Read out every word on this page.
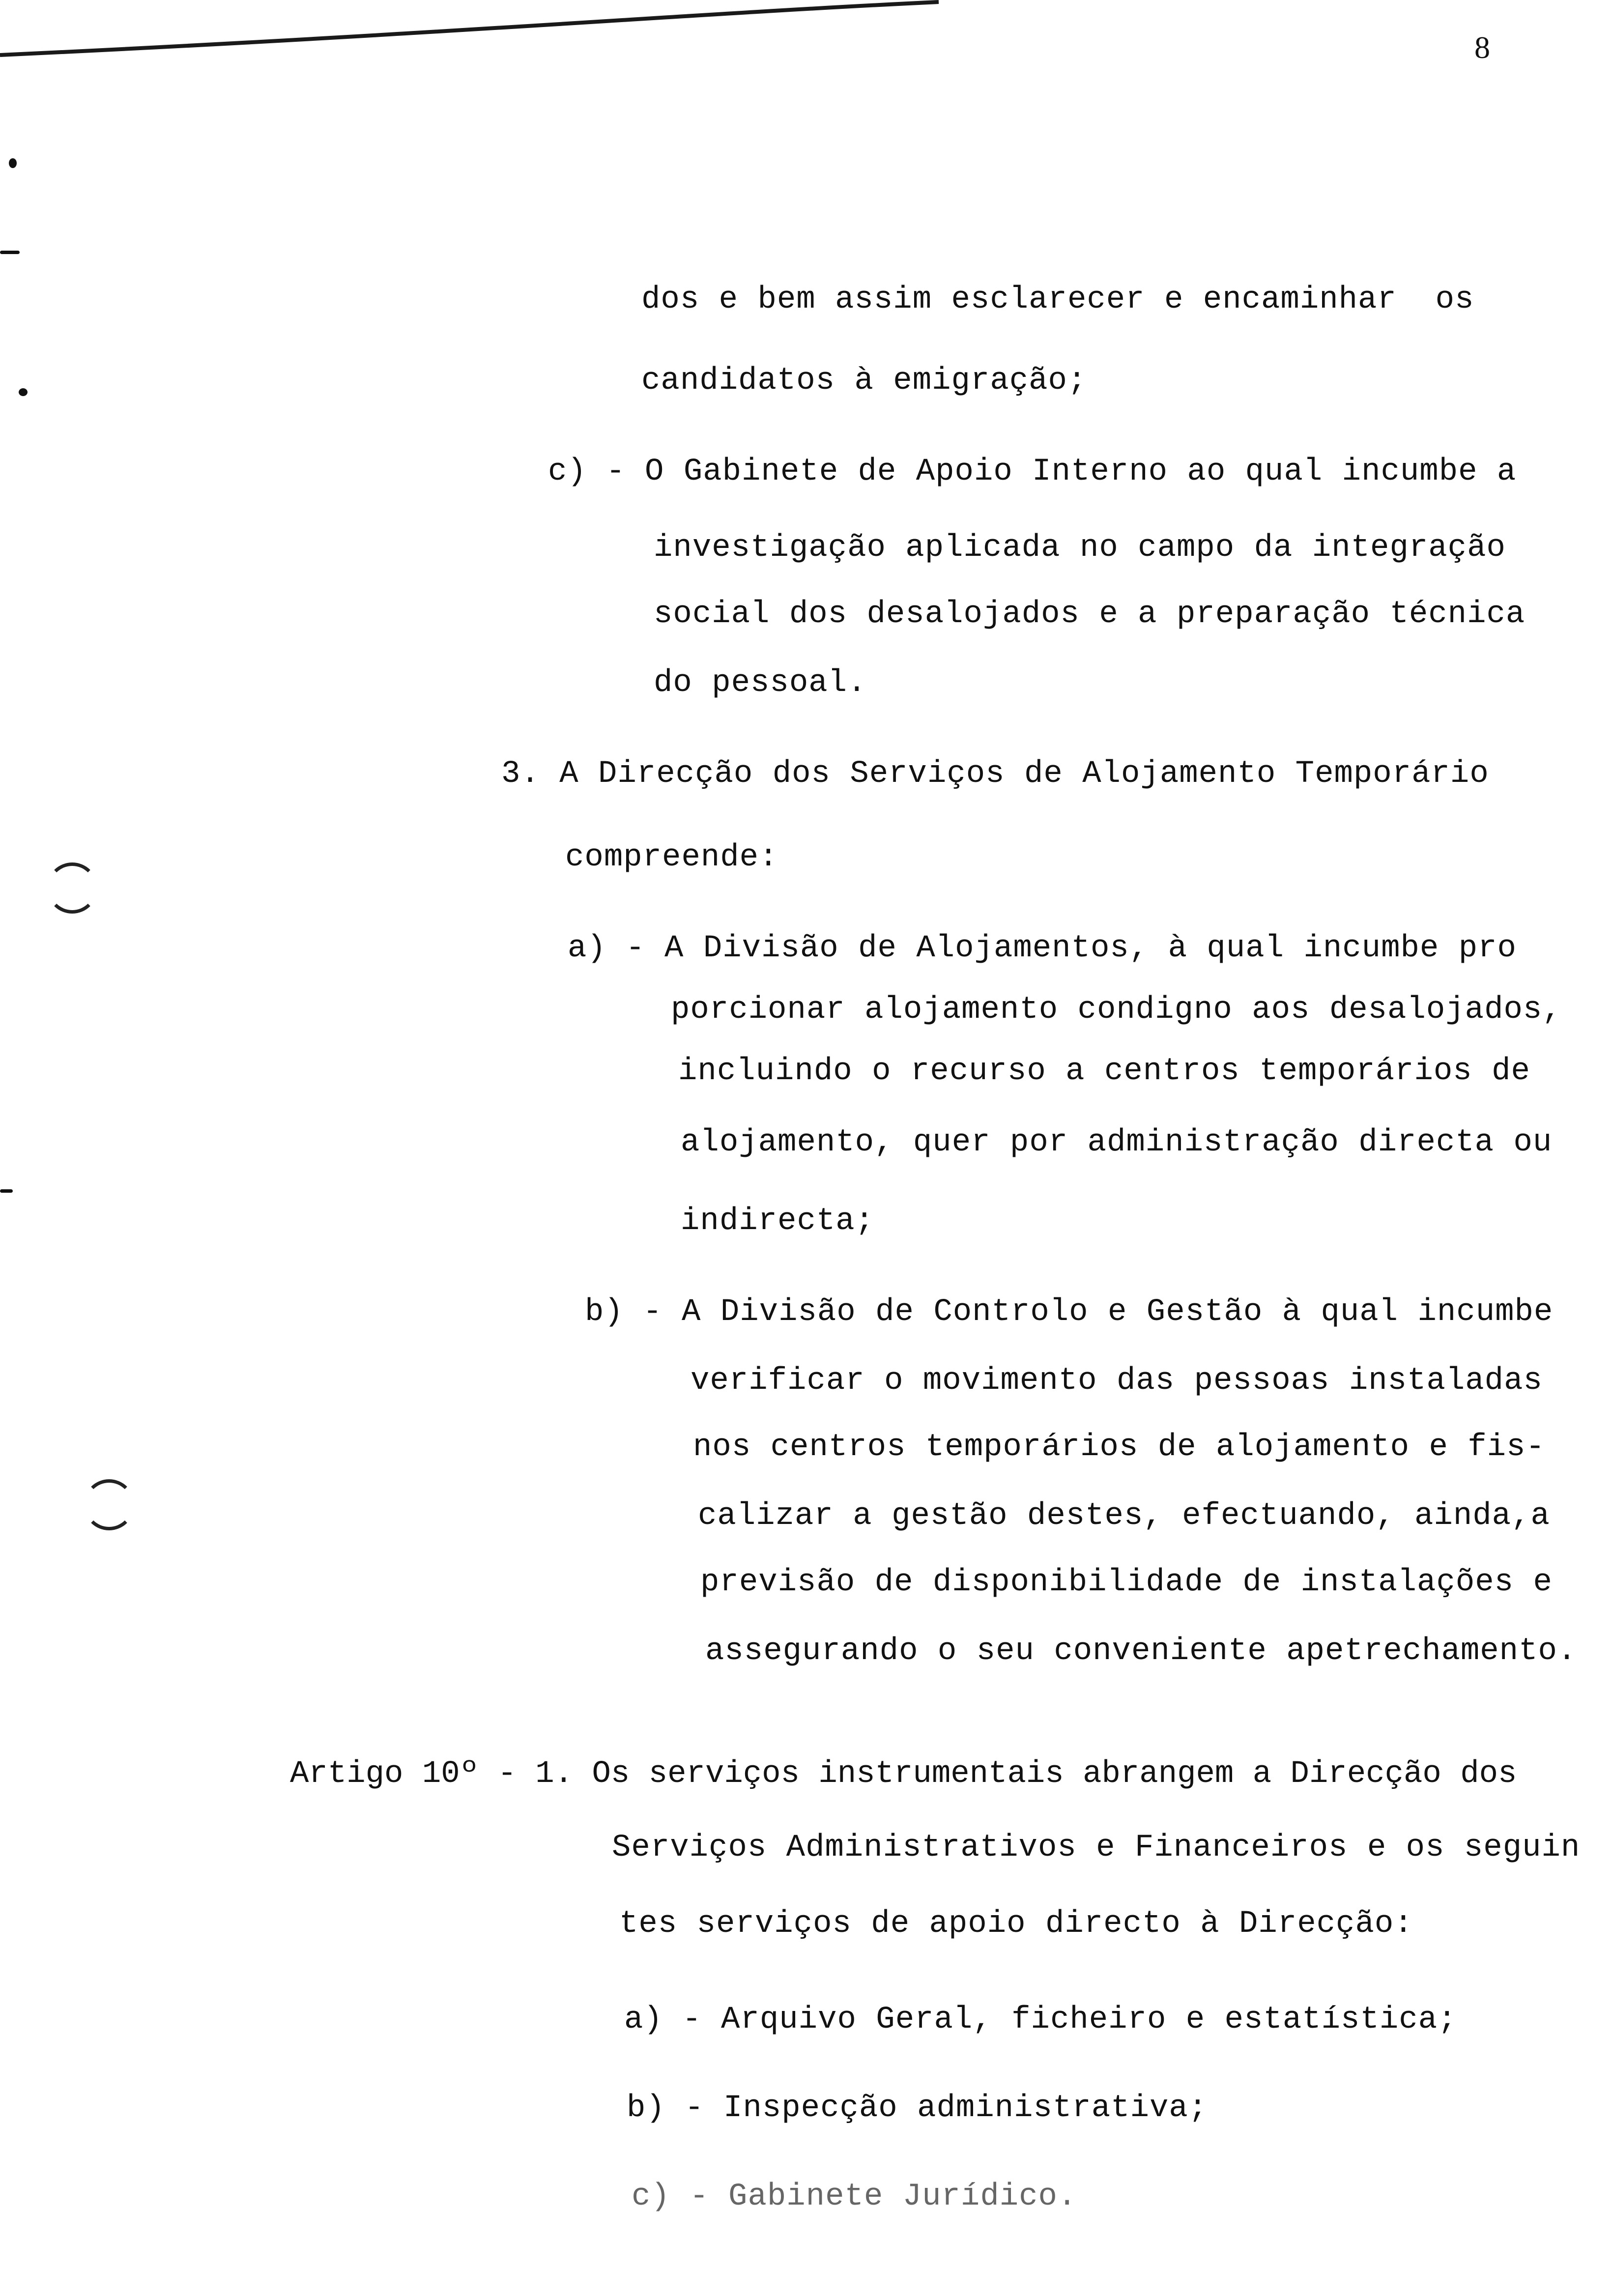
8
dos e bem assim esclarecer e encaminhar  os
candidatos à emigração;
c) - O Gabinete de Apoio Interno ao qual incumbe a
investigação aplicada no campo da integração
social dos desalojados e a preparação técnica
do pessoal.
3. A Direcção dos Serviços de Alojamento Temporário
compreende:
a) - A Divisão de Alojamentos, à qual incumbe pro
porcionar alojamento condigno aos desalojados,
incluindo o recurso a centros temporários de
alojamento, quer por administração directa ou
indirecta;
b) - A Divisão de Controlo e Gestão à qual incumbe
verificar o movimento das pessoas instaladas
nos centros temporários de alojamento e fis-
calizar a gestão destes, efectuando, ainda,a
previsão de disponibilidade de instalações e
assegurando o seu conveniente apetrechamento.
Artigo 10º - 1. Os serviços instrumentais abrangem a Direcção dos
Serviços Administrativos e Financeiros e os seguin
tes serviços de apoio directo à Direcção:
a) - Arquivo Geral, ficheiro e estatística;
b) - Inspecção administrativa;
c) - Gabinete Jurídico.
